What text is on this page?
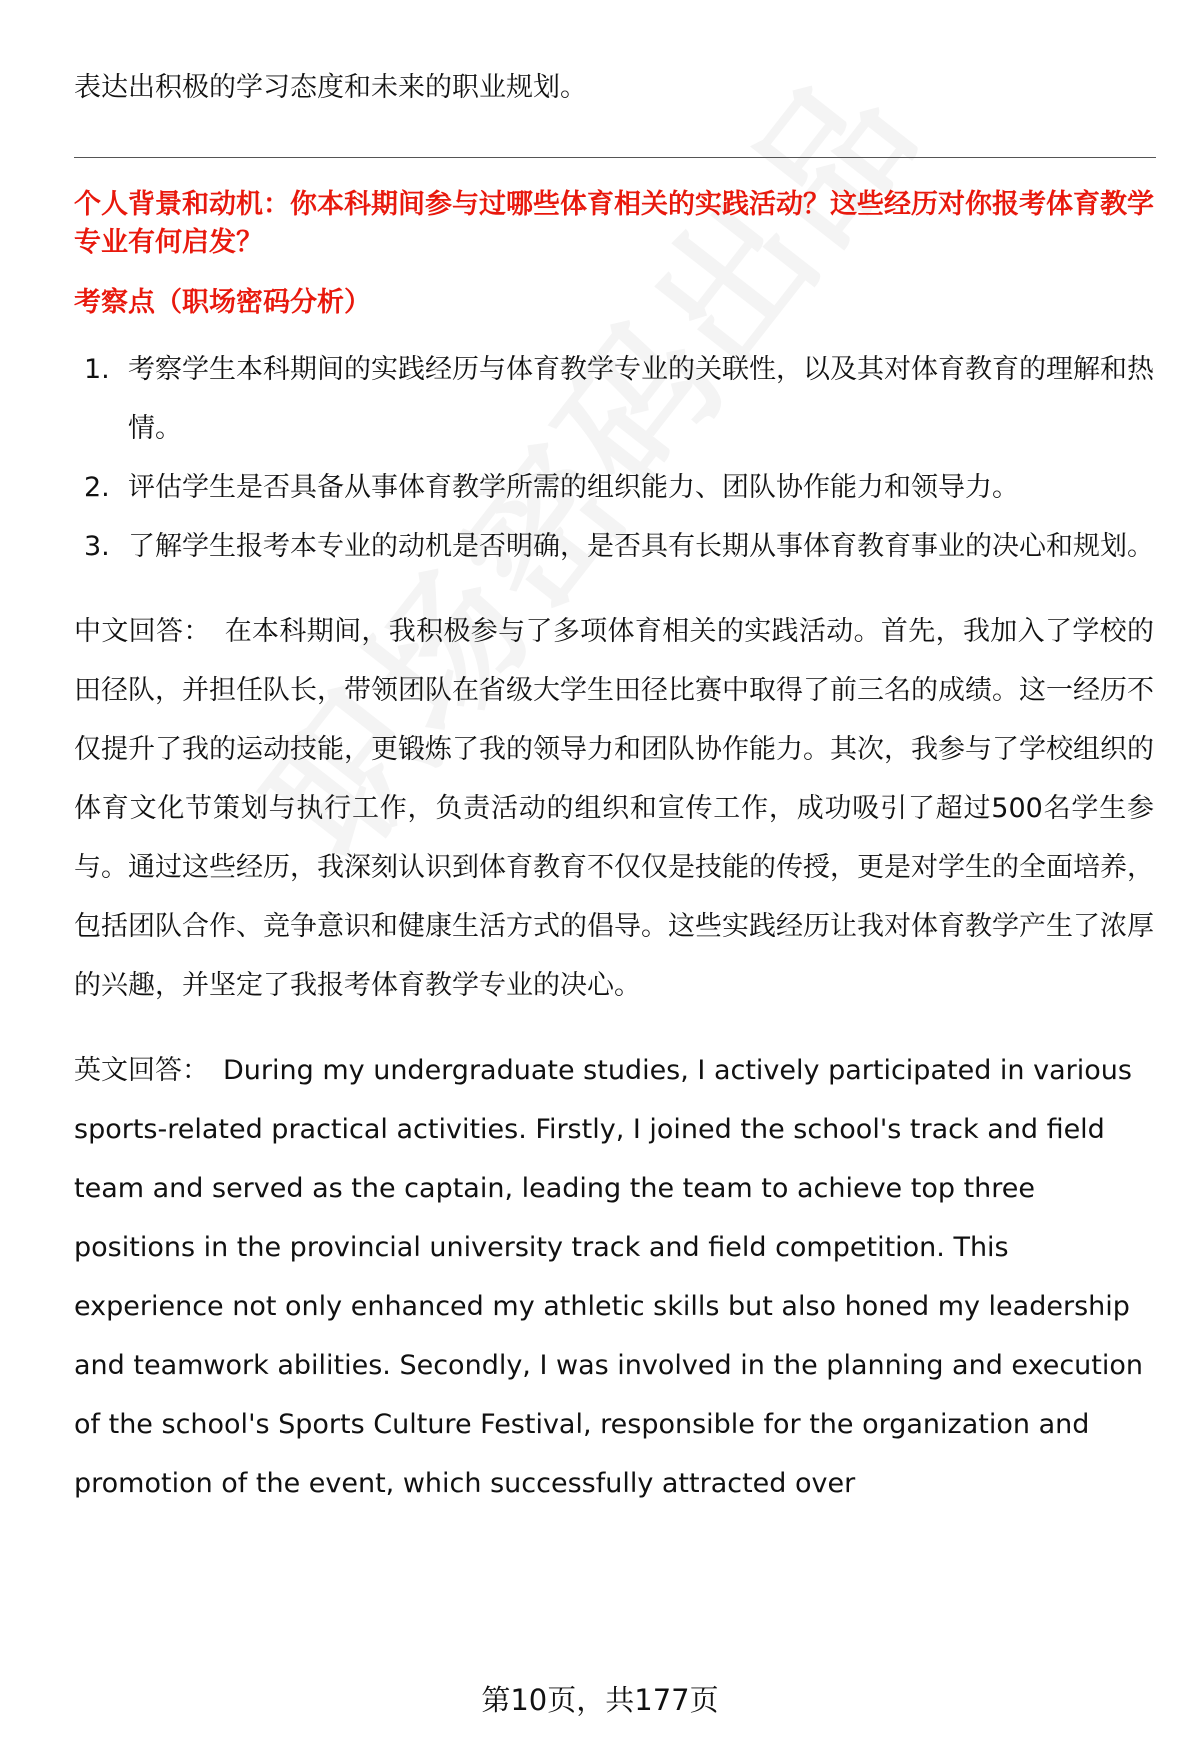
表达出积极的学习态度和未来的职业规划。

个人背景和动机：你本科期间参与过哪些体育相关的实践活动？这些经历对你报考体育教学专业有何启发？

考察点（职场密码分析）

1. 考察学生本科期间的实践经历与体育教学专业的关联性，以及其对体育教育的理解和热情。
2. 评估学生是否具备从事体育教学所需的组织能力、团队协作能力和领导力。
3. 了解学生报考本专业的动机是否明确，是否具有长期从事体育教育事业的决心和规划。

中文回答： 在本科期间，我积极参与了多项体育相关的实践活动。首先，我加入了学校的田径队，并担任队长，带领团队在省级大学生田径比赛中取得了前三名的成绩。这一经历不仅提升了我的运动技能，更锻炼了我的领导力和团队协作能力。其次，我参与了学校组织的体育文化节策划与执行工作，负责活动的组织和宣传工作，成功吸引了超过500名学生参与。通过这些经历，我深刻认识到体育教育不仅仅是技能的传授，更是对学生的全面培养，包括团队合作、竞争意识和健康生活方式的倡导。这些实践经历让我对体育教学产生了浓厚的兴趣，并坚定了我报考体育教学专业的决心。

英文回答： During my undergraduate studies, I actively participated in various sports-related practical activities. Firstly, I joined the school's track and field team and served as the captain, leading the team to achieve top three positions in the provincial university track and field competition. This experience not only enhanced my athletic skills but also honed my leadership and teamwork abilities. Secondly, I was involved in the planning and execution of the school's Sports Culture Festival, responsible for the organization and promotion of the event, which successfully attracted over

第10页，共177页
